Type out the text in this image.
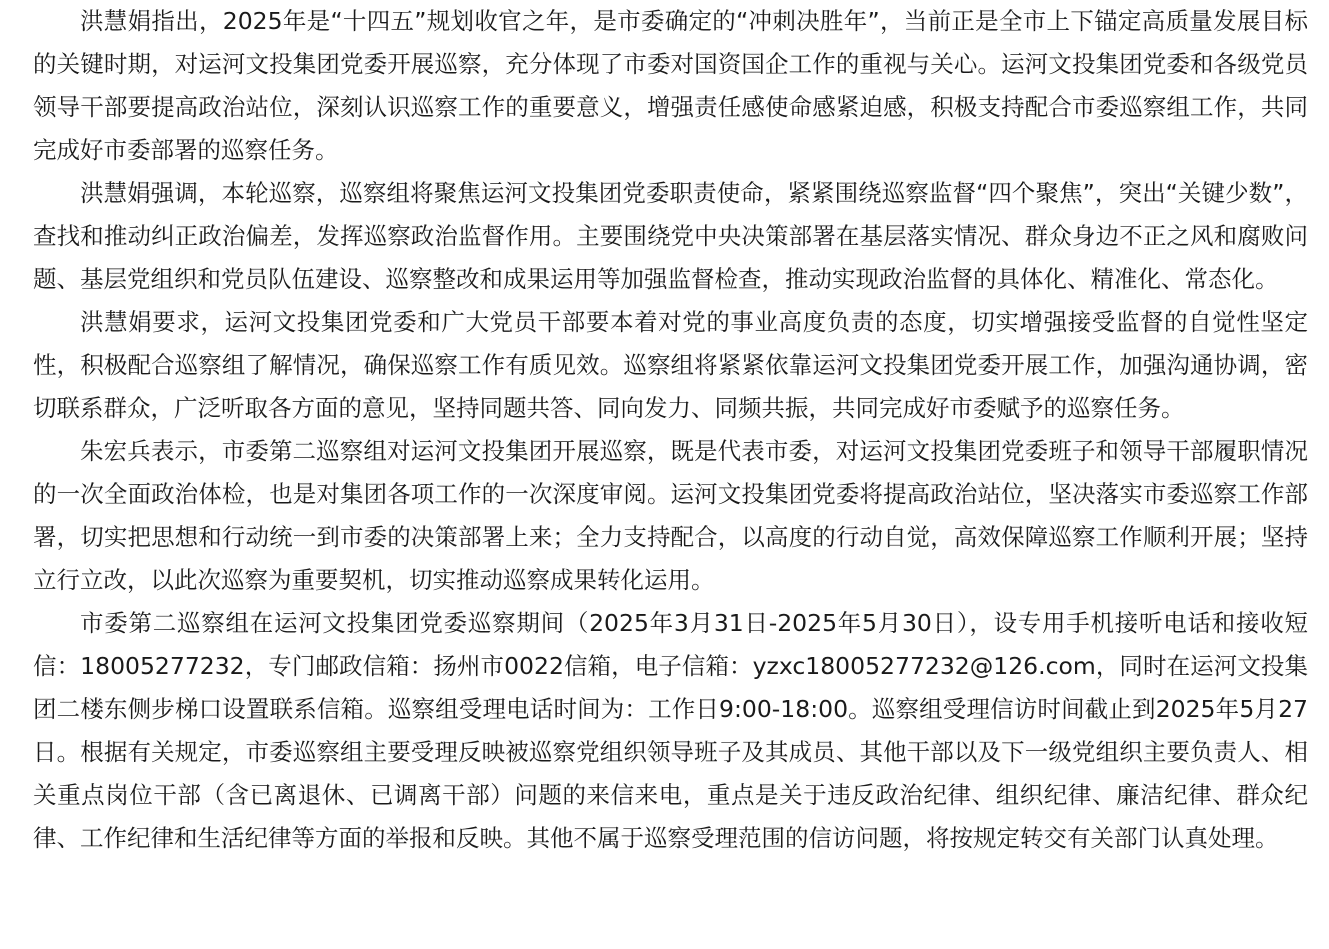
洪慧娟指出，2025年是“十四五”规划收官之年，是市委确定的“冲刺决胜年”，当前正是全市上下锚定高质量发展目标的关键时期，对运河文投集团党委开展巡察，充分体现了市委对国资国企工作的重视与关心。运河文投集团党委和各级党员领导干部要提高政治站位，深刻认识巡察工作的重要意义，增强责任感使命感紧迫感，积极支持配合市委巡察组工作，共同完成好市委部署的巡察任务。

洪慧娟强调，本轮巡察，巡察组将聚焦运河文投集团党委职责使命，紧紧围绕巡察监督“四个聚焦”，突出“关键少数”，查找和推动纠正政治偏差，发挥巡察政治监督作用。主要围绕党中央决策部署在基层落实情况、群众身边不正之风和腐败问题、基层党组织和党员队伍建设、巡察整改和成果运用等加强监督检查，推动实现政治监督的具体化、精准化、常态化。

洪慧娟要求，运河文投集团党委和广大党员干部要本着对党的事业高度负责的态度，切实增强接受监督的自觉性坚定性，积极配合巡察组了解情况，确保巡察工作有质见效。巡察组将紧紧依靠运河文投集团党委开展工作，加强沟通协调，密切联系群众，广泛听取各方面的意见，坚持同题共答、同向发力、同频共振，共同完成好市委赋予的巡察任务。

朱宏兵表示，市委第二巡察组对运河文投集团开展巡察，既是代表市委，对运河文投集团党委班子和领导干部履职情况的一次全面政治体检，也是对集团各项工作的一次深度审阅。运河文投集团党委将提高政治站位，坚决落实市委巡察工作部署，切实把思想和行动统一到市委的决策部署上来；全力支持配合，以高度的行动自觉，高效保障巡察工作顺利开展；坚持立行立改，以此次巡察为重要契机，切实推动巡察成果转化运用。

市委第二巡察组在运河文投集团党委巡察期间（2025年3月31日-2025年5月30日），设专用手机接听电话和接收短信：18005277232，专门邮政信箱：扬州市0022信箱，电子信箱：yzxc18005277232@126.com，同时在运河文投集团二楼东侧步梯口设置联系信箱。巡察组受理电话时间为：工作日9:00-18:00。巡察组受理信访时间截止到2025年5月27日。根据有关规定，市委巡察组主要受理反映被巡察党组织领导班子及其成员、其他干部以及下一级党组织主要负责人、相关重点岗位干部（含已离退休、已调离干部）问题的来信来电，重点是关于违反政治纪律、组织纪律、廉洁纪律、群众纪律、工作纪律和生活纪律等方面的举报和反映。其他不属于巡察受理范围的信访问题，将按规定转交有关部门认真处理。
